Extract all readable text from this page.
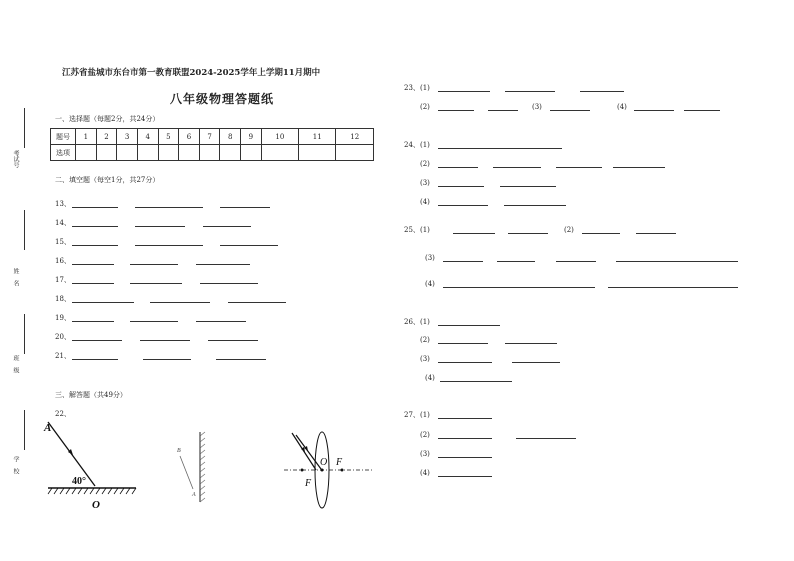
考试号
姓名
班级
学校
江苏省盐城市东台市第一教育联盟2024-2025学年上学期11月期中
八年级物理答题纸
一、选择题（每题2分，共24分）
题号	1	2	3	4	5	6	7	8	9	10	11	12
选项												
二、填空题（每空1分，共27分）
13、
14、
15、
16、
17、
18、
19、
20、
21、
三、解答题（共49分）
22、
A
40°
O
B
A
O F
F
23、 (1)
(2)	(3)	(4)
24、 (1)
(2)
(3)
(4)
25、 (1)	(2)
(3)
(4)
26、 (1)
(2)
(3)
(4)
27、 (1)
(2)
(3)
(4)
